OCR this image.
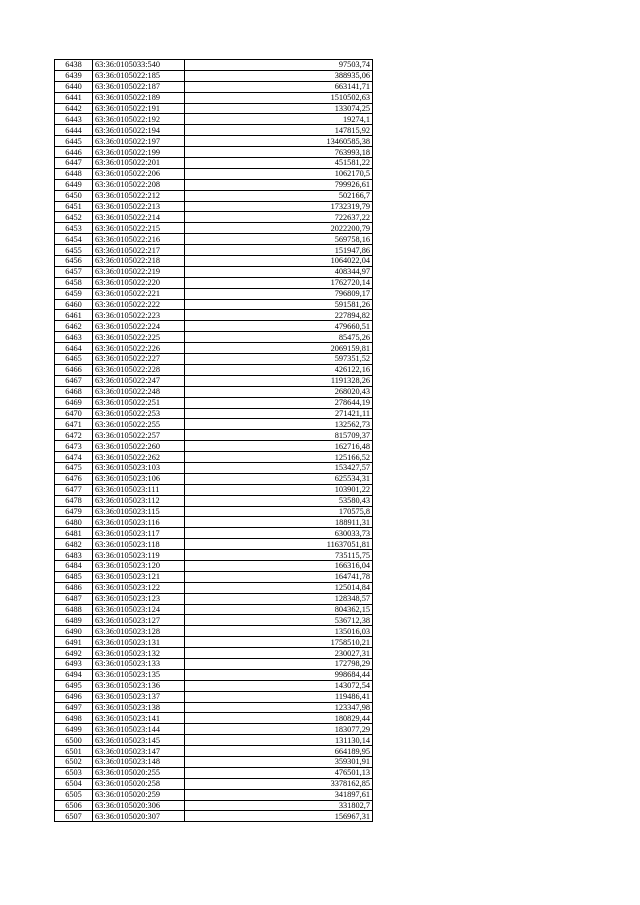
6438	63:36:0105033:540	97503,74
6439	63:36:0105022:185	388935,06
6440	63:36:0105022:187	663141,71
6441	63:36:0105022:189	1510502,63
6442	63:36:0105022:191	133074,25
6443	63:36:0105022:192	19274,1
6444	63:36:0105022:194	147815,92
6445	63:36:0105022:197	13460585,38
6446	63:36:0105022:199	763993,18
6447	63:36:0105022:201	451581,22
6448	63:36:0105022:206	1062170,5
6449	63:36:0105022:208	799926,61
6450	63:36:0105022:212	502166,7
6451	63:36:0105022:213	1732319,79
6452	63:36:0105022:214	722637,22
6453	63:36:0105022:215	2022200,79
6454	63:36:0105022:216	569758,16
6455	63:36:0105022:217	151947,86
6456	63:36:0105022:218	1064022,04
6457	63:36:0105022:219	408344,97
6458	63:36:0105022:220	1762720,14
6459	63:36:0105022:221	796809,17
6460	63:36:0105022:222	591581,26
6461	63:36:0105022:223	227894,82
6462	63:36:0105022:224	479660,51
6463	63:36:0105022:225	85475,26
6464	63:36:0105022:226	2069159,81
6465	63:36:0105022:227	597351,52
6466	63:36:0105022:228	426122,16
6467	63:36:0105022:247	1191328,26
6468	63:36:0105022:248	268020,43
6469	63:36:0105022:251	278644,19
6470	63:36:0105022:253	271421,11
6471	63:36:0105022:255	132562,73
6472	63:36:0105022:257	815709,37
6473	63:36:0105022:260	162716,48
6474	63:36:0105022:262	125166,52
6475	63:36:0105023:103	153427,57
6476	63:36:0105023:106	625534,31
6477	63:36:0105023:111	103901,22
6478	63:36:0105023:112	53580,43
6479	63:36:0105023:115	170575,8
6480	63:36:0105023:116	188911,31
6481	63:36:0105023:117	630033,73
6482	63:36:0105023:118	11637051,81
6483	63:36:0105023:119	735115,75
6484	63:36:0105023:120	166316,04
6485	63:36:0105023:121	164741,78
6486	63:36:0105023:122	125014,84
6487	63:36:0105023:123	128348,57
6488	63:36:0105023:124	804362,15
6489	63:36:0105023:127	536712,38
6490	63:36:0105023:128	135016,03
6491	63:36:0105023:131	1758510,21
6492	63:36:0105023:132	230027,31
6493	63:36:0105023:133	172798,29
6494	63:36:0105023:135	998684,44
6495	63:36:0105023:136	143072,54
6496	63:36:0105023:137	119486,41
6497	63:36:0105023:138	123347,98
6498	63:36:0105023:141	180829,44
6499	63:36:0105023:144	183077,29
6500	63:36:0105023:145	131130,14
6501	63:36:0105023:147	664189,95
6502	63:36:0105023:148	359301,91
6503	63:36:0105020:255	476501,13
6504	63:36:0105020:258	3378162,85
6505	63:36:0105020:259	341897,61
6506	63:36:0105020:306	331802,7
6507	63:36:0105020:307	156967,31
